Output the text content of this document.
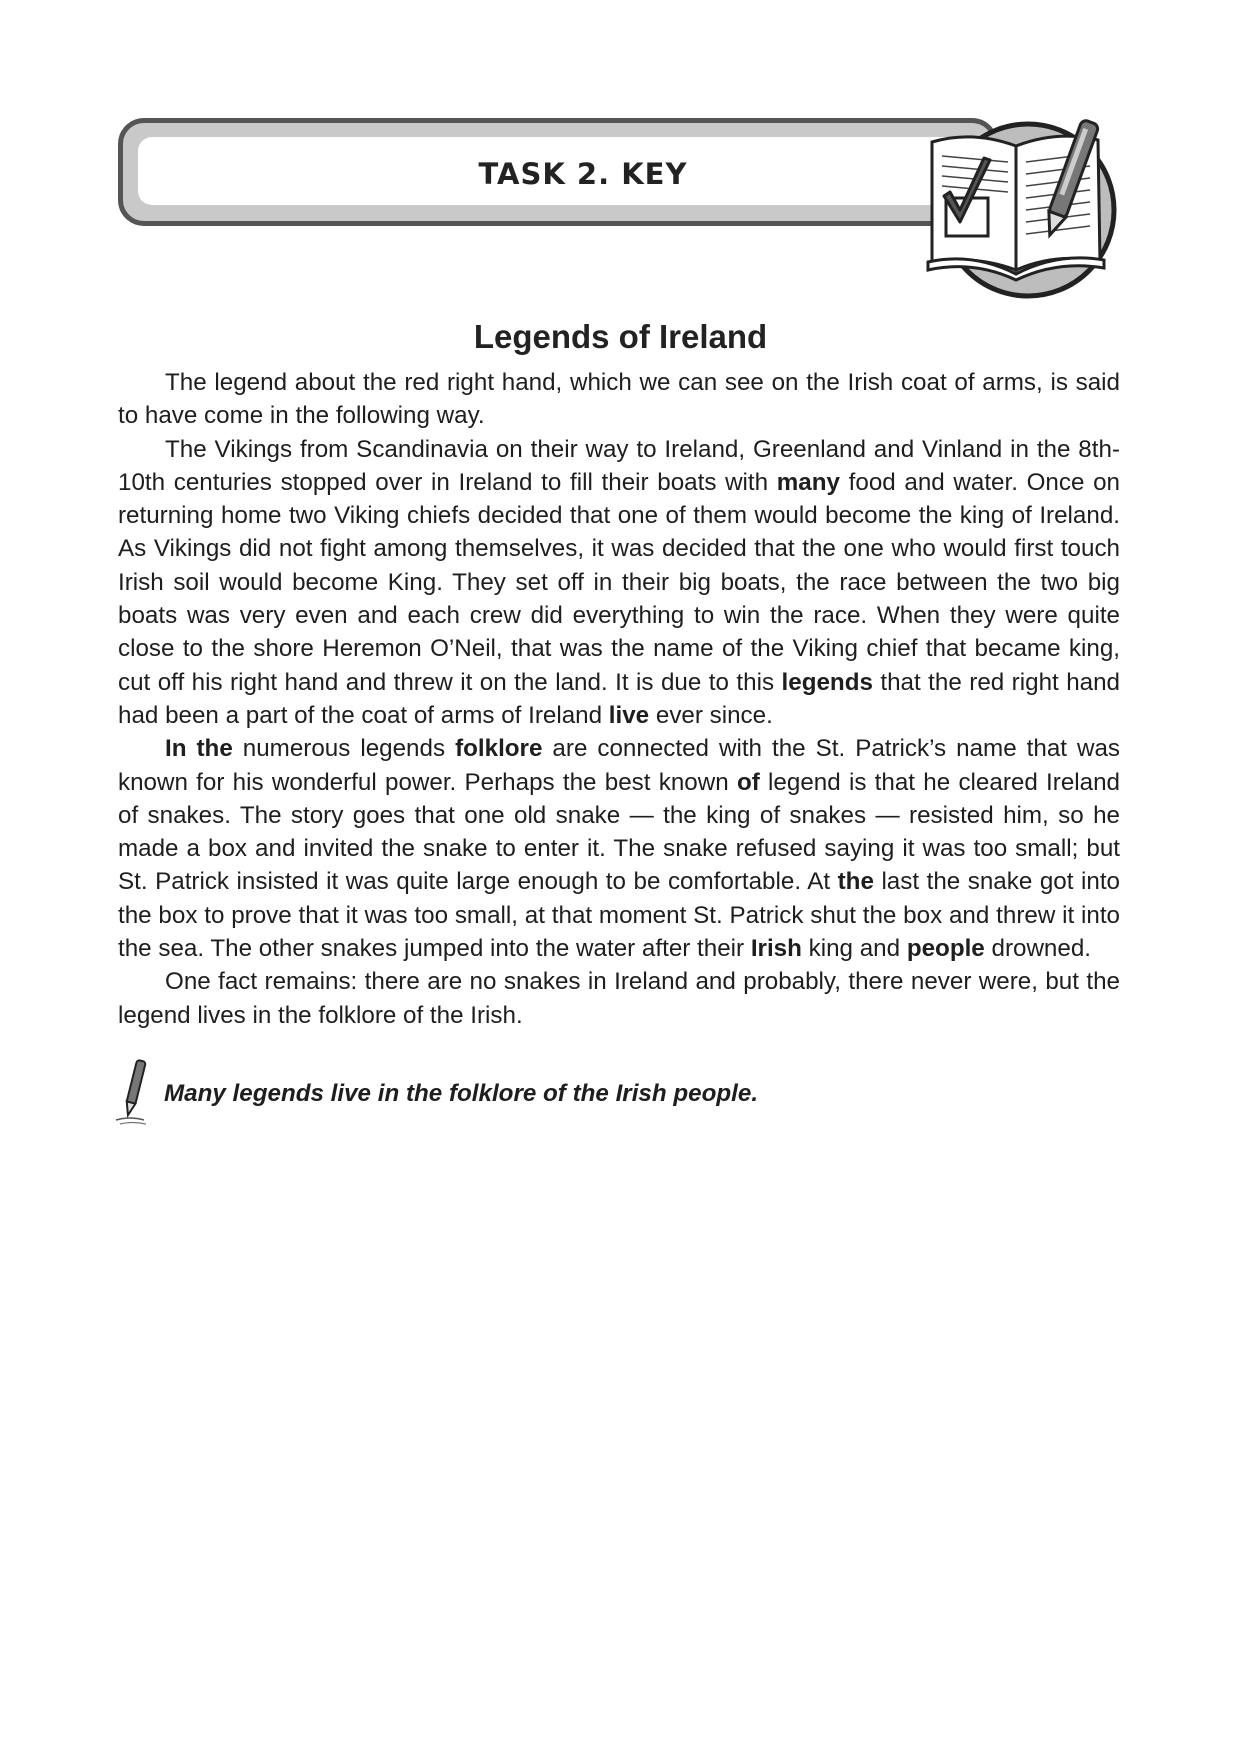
TASK 2. KEY
Legends of Ireland

The legend about the red right hand, which we can see on the Irish coat of arms, is said to have come in the following way.

The Vikings from Scandinavia on their way to Ireland, Greenland and Vinland in the 8th-10th centuries stopped over in Ireland to fill their boats with many food and water. Once on returning home two Viking chiefs decided that one of them would become the king of Ireland. As Vikings did not fight among themselves, it was decided that the one who would first touch Irish soil would become King. They set off in their big boats, the race between the two big boats was very even and each crew did everything to win the race. When they were quite close to the shore Heremon O’Neil, that was the name of the Viking chief that became king, cut off his right hand and threw it on the land. It is due to this legends that the red right hand had been a part of the coat of arms of Ireland live ever since.

In the numerous legends folklore are connected with the St. Patrick’s name that was known for his wonderful power. Perhaps the best known of legend is that he cleared Ireland of snakes. The story goes that one old snake — the king of snakes — resisted him, so he made a box and invited the snake to enter it. The snake refused saying it was too small; but St. Patrick insisted it was quite large enough to be comfortable. At the last the snake got into the box to prove that it was too small, at that moment St. Patrick shut the box and threw it into the sea. The other snakes jumped into the water after their Irish king and people drowned.

One fact remains: there are no snakes in Ireland and probably, there never were, but the legend lives in the folklore of the Irish.

Many legends live in the folklore of the Irish people.
